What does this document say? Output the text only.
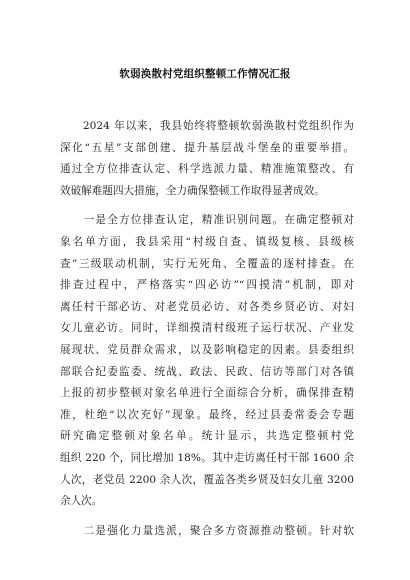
软弱涣散村党组织整顿工作情况汇报
　　2024 年以来，我县始终将整顿软弱涣散村党组织作为
深化“五星”支部创建、提升基层战斗堡垒的重要举措。
通过全方位排查认定、科学选派力量、精准施策整改、有
效破解难题四大措施，全力确保整顿工作取得显著成效。
　　一是全方位排查认定，精准识别问题。在确定整顿对
象名单方面，我县采用“村级自查、镇级复核、县级核
查”三级联动机制，实行无死角、全覆盖的逐村排查。在
排查过程中，严格落实“四必访”“四摸清”机制，即对
离任村干部必访、对老党员必访、对各类乡贤必访、对妇
女儿童必访。同时，详细摸清村级班子运行状况、产业发
展现状、党员群众需求，以及影响稳定的因素。县委组织
部联合纪委监委、统战、政法、民政、信访等部门对各镇
上报的初步整顿对象名单进行全面综合分析，确保排查精
准，杜绝“以次充好”现象。最终，经过县委常委会专题
研究确定整顿对象名单。统计显示，共选定整顿村党
组织 220 个，同比增加 18%。其中走访离任村干部 1600 余
人次，老党员 2200 余人次，覆盖各类乡贤及妇女儿童 3200
余人次。
　　二是强化力量选派，聚合多方资源推动整顿。针对软
